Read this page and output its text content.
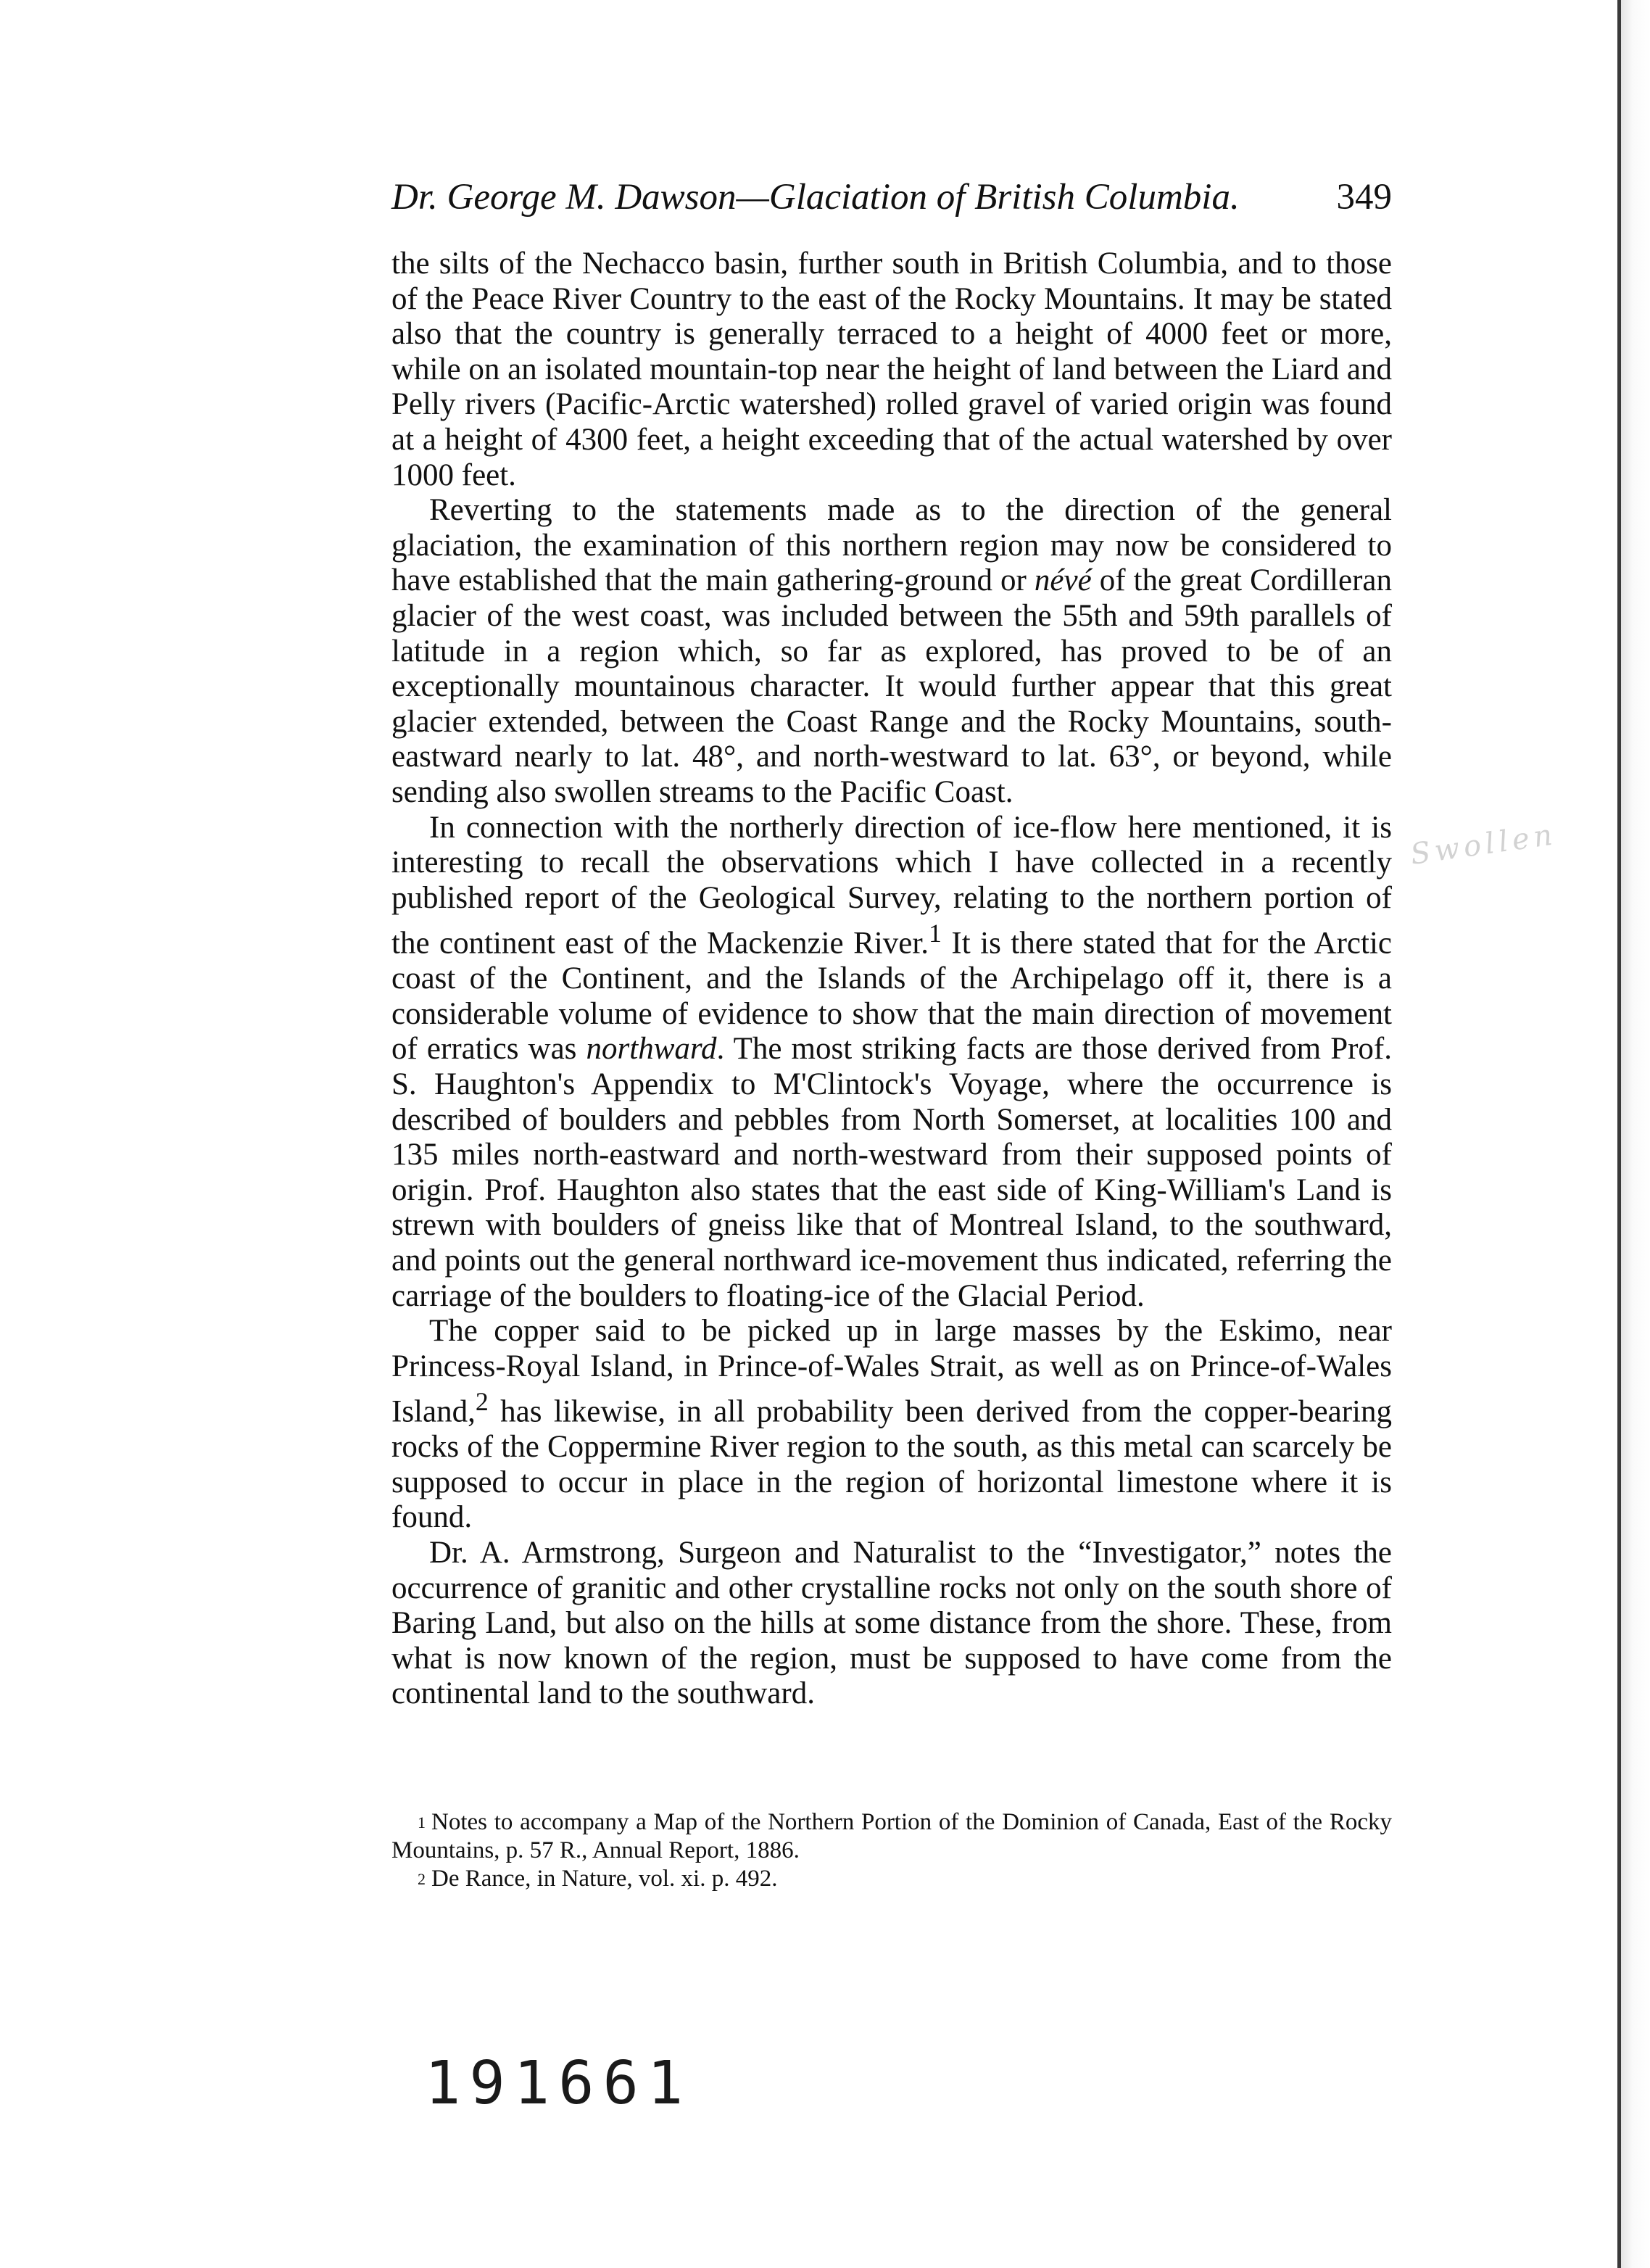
Dr. George M. Dawson—Glaciation of British Columbia.	349

the silts of the Nechacco basin, further south in British Columbia, and to those of the Peace River Country to the east of the Rocky Mountains. It may be stated also that the country is generally terraced to a height of 4000 feet or more, while on an isolated mountain-top near the height of land between the Liard and Pelly rivers (Pacific-Arctic watershed) rolled gravel of varied origin was found at a height of 4300 feet, a height exceeding that of the actual watershed by over 1000 feet.

Reverting to the statements made as to the direction of the general glaciation, the examination of this northern region may now be considered to have established that the main gathering-ground or névé of the great Cordilleran glacier of the west coast, was included between the 55th and 59th parallels of latitude in a region which, so far as explored, has proved to be of an exceptionally mountainous character. It would further appear that this great glacier extended, between the Coast Range and the Rocky Mountains, south-eastward nearly to lat. 48°, and north-westward to lat. 63°, or beyond, while sending also swollen streams to the Pacific Coast.

In connection with the northerly direction of ice-flow here mentioned, it is interesting to recall the observations which I have collected in a recently published report of the Geological Survey, relating to the northern portion of the continent east of the Mackenzie River.$^1$ It is there stated that for the Arctic coast of the Continent, and the Islands of the Archipelago off it, there is a considerable volume of evidence to show that the main direction of movement of erratics was northward. The most striking facts are those derived from Prof. S. Haughton's Appendix to M'Clintock's Voyage, where the occurrence is described of boulders and pebbles from North Somerset, at localities 100 and 135 miles north-eastward and north-westward from their supposed points of origin. Prof. Haughton also states that the east side of King-William's Land is strewn with boulders of gneiss like that of Montreal Island, to the southward, and points out the general northward ice-movement thus indicated, referring the carriage of the boulders to floating-ice of the Glacial Period.

The copper said to be picked up in large masses by the Eskimo, near Princess-Royal Island, in Prince-of-Wales Strait, as well as on Prince-of-Wales Island,$^2$ has likewise, in all probability been derived from the copper-bearing rocks of the Coppermine River region to the south, as this metal can scarcely be supposed to occur in place in the region of horizontal limestone where it is found.

Dr. A. Armstrong, Surgeon and Naturalist to the “Investigator,” notes the occurrence of granitic and other crystalline rocks not only on the south shore of Baring Land, but also on the hills at some distance from the shore. These, from what is now known of the region, must be supposed to have come from the continental land to the southward.

Swollen

$^1$ Notes to accompany a Map of the Northern Portion of the Dominion of Canada, East of the Rocky Mountains, p. 57 R., Annual Report, 1886.

$^2$ De Rance, in Nature, vol. xi. p. 492.

191661
